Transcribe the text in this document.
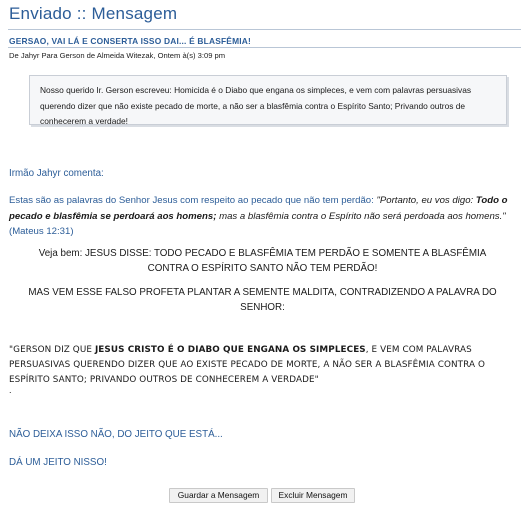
Enviado :: Mensagem
GERSAO, VAI LÁ E CONSERTA ISSO DAI... É BLASFÊMIA!
De Jahyr Para Gerson de Almeida Witezak, Ontem à(s) 3:09 pm
Nosso querido Ir. Gerson escreveu: Homicida é o Diabo que engana os simpleces, e vem com palavras persuasivas querendo dizer que não existe pecado de morte, a não ser a blasfêmia contra o Espírito Santo; Privando outros de conhecerem a verdade!
Irmão Jahyr comenta:
Estas são as palavras do Senhor Jesus com respeito ao pecado que não tem perdão: "Portanto, eu vos digo: Todo o pecado e blasfêmia se perdoará aos homens; mas a blasfêmia contra o Espírito não será perdoada aos homens." (Mateus 12:31)
Veja bem: JESUS DISSE: TODO PECADO E BLASFÊMIA TEM PERDÃO E SOMENTE A BLASFÊMIA CONTRA O ESPÍRITO SANTO NÃO TEM PERDÃO!
MAS VEM ESSE FALSO PROFETA PLANTAR A SEMENTE MALDITA, CONTRADIZENDO A PALAVRA DO SENHOR:
"GERSON DIZ QUE JESUS CRISTO É O DIABO QUE ENGANA OS SIMPLECES, E VEM COM PALAVRAS PERSUASIVAS QUERENDO DIZER QUE AO EXISTE PECADO DE MORTE, A NÃO SER A BLASFÊMIA CONTRA O ESPÍRITO SANTO; PRIVANDO OUTROS DE CONHECEREM A VERDADE"
.
NÃO DEIXA ISSO NÃO, DO JEITO QUE ESTÁ...
DÁ UM JEITO NISSO!
Guardar a Mensagem	Excluir Mensagem
